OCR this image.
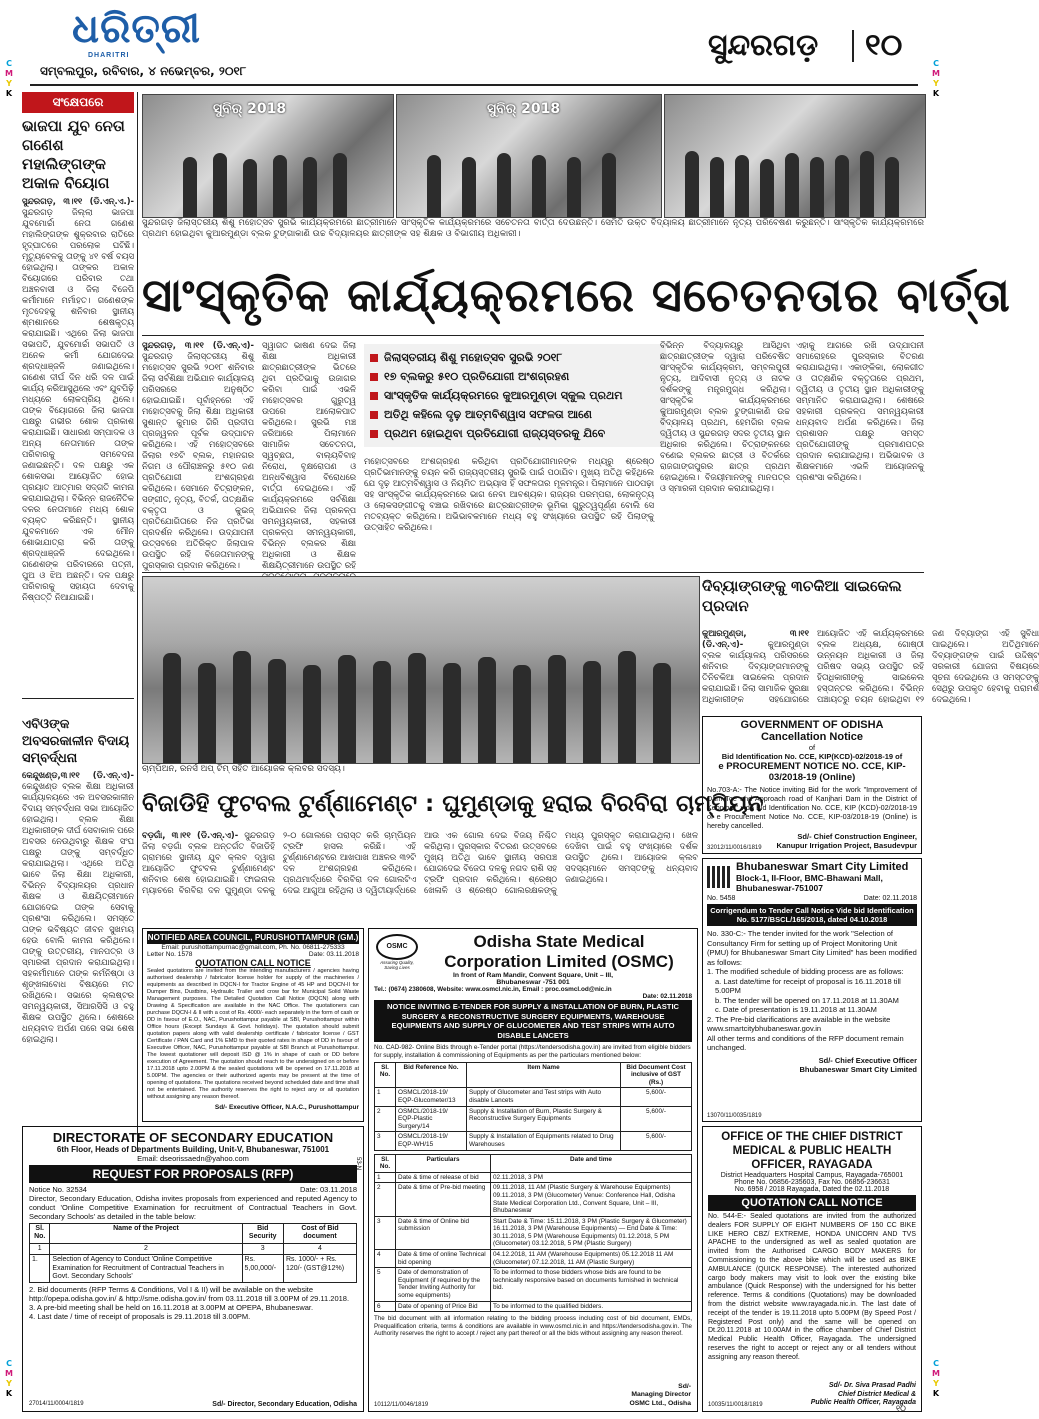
ଧରିତ୍ରୀ
DHARITRI
ସମ୍ବଲପୁର, ରବିବାର, ୪ ନଭେମ୍ବର, ୨୦୧୮
ସୁନ୍ଦରଗଡ଼ ୧୦
C
M
Y
K
C
M
Y
K
C
M
Y
K
C
M
Y
K
ସଂକ୍ଷେପରେ
ଭାଜପା ଯୁବ ନେତା ଗଣେଶ ମହାଲିଙ୍ଗଙ୍କ ଅକାଳ ବିୟୋଗ
ସୁନ୍ଦରଗଡ଼, ୩।୧୧ (ଡି.ଏନ୍.ଏ.)- ସୁନ୍ଦରଗଡ଼ ଜିଲ୍ଲା ଭାଜପା ଯୁବମୋର୍ଚ୍ଚା ନେତା ଗଣେଶ ମହାଲିଙ୍ଗଙ୍କ ଶୁକ୍ରବାର ରାତିରେ ହୃଦ୍‌ଘାତରେ ପରଲୋକ ଘଟିଛି। ମୃତ୍ୟୁବେଳକୁ ତାଙ୍କୁ ୪୧ ବର୍ଷ ବୟସ ହୋଇଥିଲା। ତାଙ୍କର ଅକାଳ ବିୟୋଗରେ ପରିବାର ତଥା ଅଞ୍ଚଳବାସୀ ଓ ଜିଲା ବିଜେପି କର୍ମୀମାନେ ମର୍ମାହତ। ଗଣେଶଙ୍କ ମୃତଦେହକୁ ଶନିବାର ସ୍ଥାନୀୟ ଶ୍ମଶାନରେ ଶେଷକୃତ୍ୟ କରାଯାଇଛି। ଏଥିରେ ଜିଲା ଭାଜପା ସଭାପତି, ଯୁବମୋର୍ଚ୍ଚା ସଭାପତି ଓ ଅନେକ କର୍ମୀ ଯୋଗଦେଇ ଶ୍ରଦ୍ଧାଞ୍ଜଳି ଜଣାଇଥିଲେ। ଗଣେଶ ଦୀର୍ଘ ଦିନ ଧରି ଦଳ ପାଇଁ କାର୍ଯ୍ୟ କରିଆସୁଥିଲେ ଏବଂ ଯୁବପିଢ଼ି ମଧ୍ୟରେ ଲୋକପ୍ରିୟ ଥିଲେ। ତାଙ୍କ ବିୟୋଗରେ ଜିଲା ଭାଜପା ପକ୍ଷରୁ ଗଭୀର ଶୋକ ପ୍ରକାଶ କରାଯାଇଛି। ସାଧାରଣ ସମ୍ପାଦକ ଓ ଅନ୍ୟ ନେତାମାନେ ତାଙ୍କ ପରିବାରକୁ ସମବେଦନା ଜଣାଇଛନ୍ତି। ଦଳ ପକ୍ଷରୁ ଏକ ଶୋକସଭା ଆୟୋଜିତ ହୋଇ ପ୍ରୟାତ ଆତ୍ମାର ସଦ୍‌ଗତି କାମନା କରାଯାଇଥିଲା। ବିଭିନ୍ନ ରାଜନୈତିକ ଦଳର ନେତାମାନେ ମଧ୍ୟ ଶୋକ ବ୍ୟକ୍ତ କରିଛନ୍ତି। ସ୍ଥାନୀୟ ଯୁବକମାନେ ଏକ ମୌନ ଶୋଭାଯାତ୍ରା କରି ତାଙ୍କୁ ଶ୍ରଦ୍ଧାଞ୍ଜଳି ଦେଇଥିଲେ। ଗଣେଶଙ୍କ ପରିବାରରେ ପତ୍ନୀ, ପୁଅ ଓ ଝିଅ ଅଛନ୍ତି। ଦଳ ପକ୍ଷରୁ ପରିବାରକୁ ସହାୟତା ଦେବାକୁ ନିଷ୍ପତ୍ତି ନିଆଯାଇଛି।
ଏବିଓଙ୍କ ଅବସରକାଳୀନ ବିଦାୟ ସମ୍ବର୍ଦ୍ଧନା
କେନ୍ଦୁଖଣ୍ଡ,୩।୧୧ (ଡି.ଏନ୍.ଏ)- କେନ୍ଦୁଖଣ୍ଡ ବ୍ଲକ ଶିକ୍ଷା ଅଧିକାରୀ କାର୍ଯ୍ୟାଳୟରେ ଏକ ଅବସରକାଳୀନ ବିଦାୟ ସମ୍ବର୍ଦ୍ଧନା ସଭା ଆୟୋଜିତ ହୋଇଥିଲା। ବ୍ଲକ ଶିକ୍ଷା ଅଧିକାରୀଙ୍କ ଦୀର୍ଘ ସେବାକାଳ ପରେ ଅବସର ନେଉଥିବାରୁ ଶିକ୍ଷକ ସଂଘ ପକ୍ଷରୁ ତାଙ୍କୁ ସମ୍ବର୍ଦ୍ଧିତ କରାଯାଇଥିଲା। ଏଥିରେ ଅତିଥି ଭାବେ ଜିଲା ଶିକ୍ଷା ଅଧିକାରୀ, ବିଭିନ୍ନ ବିଦ୍ୟାଳୟର ପ୍ରଧାନ ଶିକ୍ଷକ ଓ ଶିକ୍ଷୟିତ୍ରୀମାନେ ଯୋଗଦେଇ ତାଙ୍କ ସେବାକୁ ପ୍ରଶଂସା କରିଥିଲେ। ସମସ୍ତେ ତାଙ୍କ ଭବିଷ୍ୟତ ଜୀବନ ସୁଖମୟ ହେଉ ବୋଲି କାମନା କରିଥିଲେ। ତାଙ୍କୁ ଉତ୍ତରୀୟ, ମାନପତ୍ର ଓ ସ୍ମାରକୀ ପ୍ରଦାନ କରାଯାଇଥିଲା। ସହକର୍ମୀମାନେ ତାଙ୍କ କର୍ମନିଷ୍ଠା ଓ ଶୃଙ୍ଖଳାବୋଧ ବିଷୟରେ ମତ ରଖିଥିଲେ। ସଭାରେ କ୍ଲଷ୍ଟର ସମନ୍ୱୟକାରୀ, ସିଆରସିସି ଓ ବହୁ ଶିକ୍ଷକ ଉପସ୍ଥିତ ଥିଲେ। ଶେଷରେ ଧନ୍ୟବାଦ ଅର୍ପଣ ପରେ ସଭା ଶେଷ ହୋଇଥିଲା।
ସୁବିର୍ 2018	ସୁବିର୍ 2018
ସୁନ୍ଦରଗଡ଼ ଜିଲାସ୍ତରୀୟ ଶିଶୁ ମହୋତ୍ସବ ସୁରଭି କାର୍ଯ୍ୟକ୍ରମରେ ଛାତ୍ରୀମାନେ ସାଂସ୍କୃତିକ କାର୍ଯ୍ୟକ୍ରମରେ ସଚେତନତା ବାର୍ତ୍ତା ଦେଉଛନ୍ତି। ସେମିତି ଉକ୍ତ ବିଦ୍ୟାଳୟ ଛାତ୍ରୀମାନେ ନୃତ୍ୟ ପରିବେଷଣ କରୁଛନ୍ତି। ସାଂସ୍କୃତିକ କାର୍ଯ୍ୟକ୍ରମରେ ପ୍ରଥମ ହୋଇଥିବା କୁଆରମୁଣ୍ଡା ବ୍ଲକ ଟୁଙ୍ଗାକାଣି ଉଚ୍ଚ ବିଦ୍ୟାଳୟର ଛାତ୍ରୀଙ୍କ ସହ ଶିକ୍ଷକ ଓ ବିଭାଗୀୟ ଅଧିକାରୀ।
ସାଂସ୍କୃତିକ କାର୍ଯ୍ୟକ୍ରମରେ ସଚେତନତାର ବାର୍ତ୍ତା
ସୁନ୍ଦରଗଡ଼, ୩।୧୧ (ଡି.ଏନ୍.ଏ)- ସୁନ୍ଦରଗଡ଼ ଜିଲାସ୍ତରୀୟ ଶିଶୁ ମହୋତ୍ସବ ସୁରଭି ୨୦୧୮ ଶନିବାର ଜିଲା ସର୍ବଶିକ୍ଷା ଅଭିଯାନ କାର୍ଯ୍ୟାଳୟ ପରିସରରେ ଅନୁଷ୍ଠିତ ହୋଇଯାଇଛି। ପୂର୍ବାହ୍ନରେ ଏହି ମହୋତ୍ସବକୁ ଜିଲା ଶିକ୍ଷା ଅଧିକାରୀ ସୁଶାନ୍ତ କୁମାର ଗିରି ପ୍ରଦୀପ ପ୍ରଜ୍ୱଳନ ପୂର୍ବକ ଉଦ୍‌ଘାଟନ କରିଥିଲେ। ଏହି ମହୋତ୍ସବରେ ଜିଲାର ୧୭ଟି ବ୍ଲକ, ମହାନଗର ନିଗମ ଓ ପୌରାଞ୍ଚଳରୁ ୫୧୦ ଜଣ ପ୍ରତିଯୋଗୀ ଅଂଶଗ୍ରହଣ କରିଥିଲେ। ସେମାନେ ଚିତ୍ରାଙ୍କନ, ସଙ୍ଗୀତ, ନୃତ୍ୟ, ବିତର୍କ, ତାତ୍କ୍ଷଣିକ ବକ୍ତୃତା ଓ କୁଇଜ୍ ପ୍ରତିଯୋଗିତାରେ ନିଜ ପ୍ରତିଭା ପ୍ରଦର୍ଶନ କରିଥିଲେ। ଉଦ୍‌ଯାପନୀ ଉତ୍ସବରେ ଅତିରିକ୍ତ ଜିଲାପାଳ ଉପସ୍ଥିତ ରହି ବିଜେତାମାନଙ୍କୁ ପୁରସ୍କାର ପ୍ରଦାନ କରିଥିଲେ।
ସ୍ୱାଗତ ଭାଷଣ ଦେଇ ଜିଲା ଶିକ୍ଷା ଅଧିକାରୀ ଛାତ୍ରଛାତ୍ରୀଙ୍କ ଭିତରେ ଥିବା ପ୍ରତିଭାକୁ ଉଜାଗର କରିବା ପାଇଁ ଏଭଳି ମହୋତ୍ସବର ଗୁରୁତ୍ୱ ଉପରେ ଆଲୋକପାତ କରିଥିଲେ। ସୁରଭି ମଞ୍ଚ ଜରିଆରେ ପିଲାମାନେ ସାମାଜିକ ସଚେତନତା, ସ୍ୱଚ୍ଛତା, ବାଲ୍ୟବିବାହ ନିରୋଧ, ବୃକ୍ଷରୋପଣ ଓ ଅନ୍ଧବିଶ୍ୱାସ ବିରୋଧରେ ବାର୍ତ୍ତା ଦେଇଥିଲେ। ଏହି କାର୍ଯ୍ୟକ୍ରମରେ ସର୍ବଶିକ୍ଷା ଅଭିଯାନର ଜିଲା ପ୍ରକଳ୍ପ ସମନ୍ୱୟକାରୀ, ସହକାରୀ ପ୍ରକଳ୍ପ ସମନ୍ୱୟକାରୀ, ବିଭିନ୍ନ ବ୍ଲକର ଶିକ୍ଷା ଅଧିକାରୀ ଓ ଶିକ୍ଷକ ଶିକ୍ଷୟିତ୍ରୀମାନେ ଉପସ୍ଥିତ ରହି
ଜିଲାସ୍ତରୀୟ ଶିଶୁ ମହୋତ୍ସବ ସୁରଭି ୨୦୧୮
୧୭ ବ୍ଲକରୁ ୫୧୦ ପ୍ରତିଯୋଗୀ ଅଂଶଗ୍ରହଣ
ସାଂସ୍କୃତିକ କାର୍ଯ୍ୟକ୍ରମରେ କୁଆରମୁଣ୍ଡା ସ୍କୁଲ ପ୍ରଥମ
ଅତିଥି କହିଲେ ଦୃଢ଼ ଆତ୍ମବିଶ୍ୱାସ ସଫଳତା ଆଣେ
ପ୍ରଥମ ହୋଇଥିବା ପ୍ରତିଯୋଗୀ ରାଜ୍ୟସ୍ତରକୁ ଯିବେ
ମହୋତ୍ସବରେ ଅଂଶଗ୍ରହଣ କରିଥିବା ପ୍ରତିଯୋଗୀମାନଙ୍କ ମଧ୍ୟରୁ ଶ୍ରେଷ୍ଠ ପ୍ରତିଭାମାନଙ୍କୁ ଚୟନ କରି ରାଜ୍ୟସ୍ତରୀୟ ସୁରଭି ପାଇଁ ପଠାଯିବ। ମୁଖ୍ୟ ଅତିଥି କହିଥିଲେ ଯେ ଦୃଢ଼ ଆତ୍ମବିଶ୍ୱାସ ଓ ନିୟମିତ ଅଭ୍ୟାସ ହିଁ ସଫଳତାର ମୂଳମନ୍ତ୍ର। ପିଲାମାନେ ପାଠପଢ଼ା ସହ ସାଂସ୍କୃତିକ କାର୍ଯ୍ୟକ୍ରମରେ ଭାଗ ନେବା ଆବଶ୍ୟକ। ରାଜ୍ୟର ପରମ୍ପରା, ଲୋକନୃତ୍ୟ ଓ ଲୋକସଙ୍ଗୀତକୁ ବଞ୍ଚାଇ ରଖିବାରେ ଛାତ୍ରଛାତ୍ରୀଙ୍କ ଭୂମିକା ଗୁରୁତ୍ୱପୂର୍ଣ୍ଣ ବୋଲି ସେ ମତବ୍ୟକ୍ତ କରିଥିଲେ। ଅଭିଭାବକମାନେ ମଧ୍ୟ ବହୁ ସଂଖ୍ୟାରେ ଉପସ୍ଥିତ ରହି ପିଲାଙ୍କୁ ଉତ୍ସାହିତ କରିଥିଲେ।
ବିଭିନ୍ନ ବିଦ୍ୟାଳୟରୁ ଆସିଥିବା ଛାତ୍ରଛାତ୍ରୀଙ୍କ ଦ୍ୱାରା ପରିବେଷିତ ସାଂସ୍କୃତିକ କାର୍ଯ୍ୟକ୍ରମ, ସମ୍ବଲପୁରୀ ନୃତ୍ୟ, ଆଦିବାସୀ ନୃତ୍ୟ ଓ ନାଟକ ଦର୍ଶକଙ୍କୁ ମନ୍ତ୍ରମୁଗ୍ଧ କରିଥିଲା। ସାଂସ୍କୃତିକ କାର୍ଯ୍ୟକ୍ରମରେ କୁଆରମୁଣ୍ଡା ବ୍ଲକ ଟୁଙ୍ଗାକାଣି ଉଚ୍ଚ ବିଦ୍ୟାଳୟ ପ୍ରଥମ, ହେମଗିର ବ୍ଲକ ଦ୍ୱିତୀୟ ଓ ସୁନ୍ଦରଗଡ଼ ସଦର ତୃତୀୟ ସ୍ଥାନ ଅଧିକାର କରିଥିଲେ। ଚିତ୍ରାଙ୍କନରେ ବଣେଇ ବ୍ଲକର ଛାତ୍ରୀ ଓ ବିତର୍କରେ ରାଜଗାଙ୍ଗପୁରର ଛାତ୍ର ପ୍ରଥମ ହୋଇଥିଲେ। ବିଜୟୀମାନଙ୍କୁ ମାନପତ୍ର ଓ ସ୍ମାରକୀ ପ୍ରଦାନ କରାଯାଇଥିଲା।
ଏହାକୁ ଆଗରେ ରଖି ଉଦ୍‌ଯାପନୀ ସମାରୋହରେ ପୁରସ୍କାର ବିତରଣ କରାଯାଇଥିଲା। ଏକାଙ୍କିକା, ଲୋକଗୀତ ଓ ତାତ୍କ୍ଷଣିକ ବକ୍ତୃତାରେ ପ୍ରଥମ, ଦ୍ୱିତୀୟ ଓ ତୃତୀୟ ସ୍ଥାନ ଅଧିକାରୀଙ୍କୁ ସମ୍ମାନିତ କରାଯାଇଥିଲା। ଶେଷରେ ସହକାରୀ ପ୍ରକଳ୍ପ ସମନ୍ୱୟକାରୀ ଧନ୍ୟବାଦ ଅର୍ପଣ କରିଥିଲେ। ଜିଲା ପ୍ରଶାସନ ପକ୍ଷରୁ ସମସ୍ତ ପ୍ରତିଯୋଗୀଙ୍କୁ ପ୍ରମାଣପତ୍ର ପ୍ରଦାନ କରାଯାଇଥିଲା। ଅଭିଭାବକ ଓ ଶିକ୍ଷକମାନେ ଏଭଳି ଆୟୋଜନକୁ ପ୍ରଶଂସା କରିଥିଲେ।
ଚାମ୍ପିଅନ, ରନର୍ସ ଅପ୍ ଟିମ୍ ସହିତ ଆୟୋଜକ କ୍ଲବର ସଦସ୍ୟ।
ବିଜାଡିହି ଫୁଟବଲ ଟୁର୍ଣ୍ଣାମେଣ୍ଟ : ଘୁମୁଣ୍ଡାକୁ ହରାଇ ବିରବିରା ଚାମ୍ପିୟନ
ବଡ଼ଗାଁ, ୩।୧୧ (ଡି.ଏନ୍.ଏ)- ସୁନ୍ଦରଗଡ଼ ଜିଲା ବଡ଼ଗାଁ ବ୍ଲକ ଅନ୍ତର୍ଗତ ବିଜାଡିହି ଗ୍ରାମରେ ସ୍ଥାନୀୟ ଯୁବ କ୍ଲବ ଦ୍ୱାରା ଆୟୋଜିତ ଫୁଟବଲ ଟୁର୍ଣ୍ଣାମେଣ୍ଟ ଶନିବାର ଶେଷ ହୋଇଯାଇଛି। ଫାଇନାଲ ମ୍ୟାଚରେ ବିରବିରା ଦଳ ଘୁମୁଣ୍ଡା ଦଳକୁ ୨-୦ ଗୋଲରେ ପରାସ୍ତ କରି ଚାମ୍ପିୟନ ଟ୍ରଫି ହାସଲ କରିଛି। ଏହି ଟୁର୍ଣ୍ଣାମେଣ୍ଟରେ ଆଖପାଖ ଅଞ୍ଚଳର ୩୨ଟି ଦଳ ଅଂଶଗ୍ରହଣ କରିଥିଲେ। ପ୍ରଥମାର୍ଦ୍ଧରେ ବିରବିରା ଦଳ ଗୋଲଟିଏ ଦେଇ ଆଗୁଆ ରହିଥିଲା ଓ ଦ୍ୱିତୀୟାର୍ଦ୍ଧରେ ଆଉ ଏକ ଗୋଲ ଦେଇ ବିଜୟ ନିଶ୍ଚିତ କରିଥିଲା। ପୁରସ୍କାର ବିତରଣ ଉତ୍ସବରେ ମୁଖ୍ୟ ଅତିଥି ଭାବେ ସ୍ଥାନୀୟ ସରପଞ୍ଚ ଯୋଗଦେଇ ବିଜେତା ଦଳକୁ ନଗଦ ରାଶି ସହ ଟ୍ରଫି ପ୍ରଦାନ କରିଥିଲେ। ଶ୍ରେଷ୍ଠ ଖେଳାଳି ଓ ଶ୍ରେଷ୍ଠ ଗୋଲରକ୍ଷକଙ୍କୁ ମଧ୍ୟ ପୁରସ୍କୃତ କରାଯାଇଥିଲା। ଖେଳ ଦେଖିବା ପାଇଁ ବହୁ ସଂଖ୍ୟାରେ ଦର୍ଶକ ଉପସ୍ଥିତ ଥିଲେ। ଆୟୋଜକ କ୍ଲବ ସଦସ୍ୟମାନେ ସମସ୍ତଙ୍କୁ ଧନ୍ୟବାଦ ଜଣାଇଥିଲେ।
ଦିବ୍ୟାଙ୍ଗଙ୍କୁ ୩ଚକିଆ ସାଇକେଲ ପ୍ରଦାନ
କୁଆରମୁଣ୍ଡା, ୩।୧୧ (ଡି.ଏନ୍.ଏ)-	କୁଆରମୁଣ୍ଡା ବ୍ଲକ କାର୍ଯ୍ୟାଳୟ ପରିସରରେ ଶନିବାର ଦିବ୍ୟାଙ୍ଗମାନଙ୍କୁ ତିନିଚକିଆ ସାଇକେଲ ପ୍ରଦାନ କରାଯାଇଛି। ଜିଲା ସାମାଜିକ ସୁରକ୍ଷା ଅଧିକାରୀଙ୍କ ସହଯୋଗରେ ଆୟୋଜିତ ଏହି କାର୍ଯ୍ୟକ୍ରମରେ ବ୍ଲକ ଅଧ୍ୟକ୍ଷ, ଗୋଷ୍ଠୀ ଉନ୍ନୟନ ଅଧିକାରୀ ଓ ଜିଲା ପରିଷଦ ସଭ୍ୟ ଉପସ୍ଥିତ ରହି ହିତାଧିକାରୀଙ୍କୁ ସାଇକେଲ ହସ୍ତାନ୍ତର କରିଥିଲେ। ବିଭିନ୍ନ ପଞ୍ଚାୟତରୁ ଚୟନ ହୋଇଥିବା ୧୨ ଜଣ ଦିବ୍ୟାଙ୍ଗ ଏହି ସୁବିଧା ପାଇଥିଲେ। ଅତିଥିମାନେ ଦିବ୍ୟାଙ୍ଗଙ୍କ ପାଇଁ ଉଦ୍ଦିଷ୍ଟ ସରକାରୀ ଯୋଜନା ବିଷୟରେ ସୂଚନା ଦେଇଥିଲେ ଓ ସମସ୍ତଙ୍କୁ ସେଥିରୁ ଉପକୃତ ହେବାକୁ ପରାମର୍ଶ ଦେଇଥିଲେ।
GOVERNMENT OF ODISHA
Cancellation Notice
of
Bid Identification No. CCE, KIP(KCD)-02/2018-19 of
e PROCUREMENT NOTICE NO. CCE, KIP-03/2018-19 (Online)
No.703-A:- The Notice inviting Bid for the work "Improvement of Dam Toe and Approach road of Kanjhari Dam in the District of Keonjhar" vide Bid Identification No. CCE, KIP (KCD)-02/2018-19 of e Procurement Notice No. CCE, KIP-03/2018-19 (Online) is hereby cancelled.
Sd/- Chief Construction Engineer,
Kanupur Irrigation Project, Basudevpur
32012/11/0016/1819
Bhubaneswar Smart City Limited
Block-1, II-Floor, BMC-Bhawani Mall,
Bhubaneswar-751007
No. 5458	Date: 02.11.2018
Corrigendum to Tender Call Notice Vide bid Identification No. 5177/BSCL/165/2018, dated 04.10.2018
No. 330-C:- The tender invited for the work "Selection of Consultancy Firm for setting up of Project Monitoring Unit (PMU) for Bhubaneswar Smart City Limited" has been modified as follows:
1. The modified schedule of bidding process are as follows:
a. Last date/time for receipt of proposal is 16.11.2018 till 5.00PM
b. The tender will be opened on 17.11.2018 at 11.30AM
c. Date of presentation is 19.11.2018 at 11.30AM
2. The Pre-bid clarifications are available in the website www.smartcitybhubaneswar.gov.in
All other terms and conditions of the RFP document remain unchanged.
Sd/- Chief Executive Officer
Bhubaneswar Smart City Limited
13070/11/0035/1819
NOTIFIED AREA COUNCIL, PURUSHOTTAMPUR (GM.)
Email: purushottampurnac@gmail.com, Ph. No. 06811-275333
Letter No. 1578	Date: 03.11.2018
QUOTATION CALL NOTICE
Sealed quotations are invited from the intending manufacturers / agencies having authorised dealership / fabricator license holder for supply of the machineries / equipments as described in DQCN-I for Tractor Engine of 45 HP and DQCN-II for Dumper Bins, Dustbins, Hydraulic Trailer and crow bar for Municipal Solid Waste Management purposes. The Detailed Quotation Call Notice (DQCN) along with Drawing & Specification are available in the NAC Office. The quotationers can purchase DQCN-I & II with a cost of Rs. 4000/- each separately in the form of cash or DD in favour of E.O., NAC, Purushottampur payable at SBI, Purushottampur within Office hours (Except Sundays & Govt. holidays). The quotation should submit quotation papers along with valid dealership certificate / fabricator license / GST Certificate / PAN Card and 1% EMD to their quoted rates in shape of DD in favour of Executive Officer, NAC, Purushottampur payable at SBI Branch at Purushottampur. The lowest quotationer will deposit ISD @ 1% in shape of cash or DD before execution of Agreement. The quotation should reach to the undersigned on or before 17.11.2018 upto 2.00PM & the sealed quotations will be opened on 17.11.2018 at 5.00PM. The agencies or their authorized agents may be present at the time of opening of quotations. The quotations received beyond scheduled date and time shall not be entertained. The authority reserves the right to reject any or all quotation without assigning any reason thereof.
Sd/- Executive Officer, N.A.C., Purushottampur
DIRECTORATE OF SECONDARY EDUCATION
6th Floor, Heads of Departments Building, Unit-V, Bhubaneswar, 751001
Email: dseorissaedn@yahoo.com
REQUEST FOR PROPOSALS (RFP)
Notice No. 32534	Date: 03.11.2018
Director, Secondary Education, Odisha invites proposals from experienced and reputed Agency to conduct 'Online Competitive Examination for recruitment of Contractual Teachers in Govt. Secondary Schools' as detailed in the table below:
Sl. No.	Name of the Project	Bid Security	Cost of Bid document
1	2	3	4
1.	Selection of Agency to Conduct 'Online Competitive Examination for Recruitment of Contractual Teachers in Govt. Secondary Schools'	Rs. 5,00,000/-	Rs. 1000/- + Rs. 120/- (GST@12%)
2. Bid documents (RFP Terms & Conditions, Vol I & II) will be available on the website http://opepa.odisha.gov.in/ & http://sme.odisha.gov.in/ from 03.11.2018 till 3.00PM of 29.11.2018.
3. A pre-bid meeting shall be held on 16.11.2018 at 3.00PM at OPEPA, Bhubaneswar.
4. Last date / time of receipt of proposals is 29.11.2018 till 3.00PM.
27014/11/0004/1819	Sd/- Director, Secondary Education, Odisha
53-N
OSMC
Assuring Quality, Saving Lives
Odisha State Medical
Corporation Limited (OSMC)
In front of Ram Mandir, Convent Square, Unit – III,
Bhubaneswar -751 001
Tel.: (0674) 2380608, Website: www.osmcl.nic.in, Email : proc.osmcl.od@nic.in
Date: 02.11.2018
NOTICE INVITING E-TENDER FOR SUPPLY & INSTALLATION OF BURN, PLASTIC SURGERY & RECONSTRUCTIVE SURGERY EQUIPMENTS, WAREHOUSE EQUIPMENTS AND SUPPLY OF GLUCOMETER AND TEST STRIPS WITH AUTO DISABLE LANCETS
No. CAD-982- Online Bids through e-Tender portal (https://tendersodisha.gov.in) are invited from eligible bidders for supply, installation & commissioning of Equipments as per the particulars mentioned below:
Sl. No.	Bid Reference No.	Item Name	Bid Document Cost inclusive of GST (Rs.)
1	OSMCL/2018-19/ EQP-Glucometer/13	Supply of Glucometer and Test strips with Auto disable Lancets	5,600/-
2	OSMCL/2018-19/ EQP-Plastic Surgery/14	Supply & Installation of Burn, Plastic Surgery & Reconstructive Surgery Equipments	5,600/-
3	OSMCL/2018-19/ EQP-WH/15	Supply & Installation of Equipments related to Drug Warehouses	5,600/-
Sl. No.	Particulars	Date and time
1	Date & time of release of bid	02.11.2018, 3 PM
2	Date & time of Pre-bid meeting	09.11.2018, 11 AM (Plastic Surgery & Warehouse Equipments) 09.11.2018, 3 PM (Glucometer) Venue: Conference Hall, Odisha State Medical Corporation Ltd., Convent Square, Unit – III, Bhubaneswar
3	Date & time of Online bid submission	Start Date & Time: 15.11.2018, 3 PM (Plastic Surgery & Glucometer) 16.11.2018, 3 PM (Warehouse Equipments) — End Date & Time: 30.11.2018, 5 PM (Warehouse Equipments) 01.12.2018, 5 PM (Glucometer) 03.12.2018, 5 PM (Plastic Surgery)
4	Date & time of online Technical bid opening	04.12.2018, 11 AM (Warehouse Equipments) 05.12.2018 11 AM (Glucometer) 07.12.2018, 11 AM (Plastic Surgery)
5	Date of demonstration of Equipment (if required by the Tender Inviting Authority for some equipments)	To be informed to those bidders whose bids are found to be technically responsive based on documents furnished in technical bid.
6	Date of opening of Price Bid	To be informed to the qualified bidders.
The bid document with all information relating to the bidding process including cost of bid document, EMDs, Prequalification criteria, terms & conditions are available in www.osmcl.nic.in and https://tendersodisha.gov.in. The Authority reserves the right to accept / reject any part thereof or all the bids without assigning any reason thereof.
Sd/-
Managing Director
OSMC Ltd., Odisha
10112/11/0046/1819
OFFICE OF THE CHIEF DISTRICT MEDICAL & PUBLIC HEALTH OFFICER, RAYAGADA
District Headquarters Hospital Campus, Rayagada-765001
Phone No. 06856-235603, Fax No. 06856-236631
No. 6958 / 2018 Rayagada, Dated the 02.11.2018
QUOTATION CALL NOTICE
No. 544-E:- Sealed quotations are invited from the authorized dealers FOR SUPPLY OF EIGHT NUMBERS OF 150 CC BIKE LIKE HERO CBZ/ EXTREME, HONDA UNICORN AND TVS APACHE to the undersigned as well as sealed quotation are invited from the Authorised CARGO BODY MAKERS for Commissioning to the above bike which will be used as BIKE AMBULANCE (QUICK RESPONSE). The interested authorized cargo body makers may visit to look over the existing bike ambulance (Quick Response) with the undersigned for his better reference. Terms & conditions (Quotations) may be downloaded from the district website www.rayagada.nic.in. The last date of receipt of the tender is 19.11.2018 upto 5.00PM (By Speed Post / Registered Post only) and the same will be opened on Dt.20.11.2018 at 10.00AM in the office chamber of Chief District Medical Public Health Officer, Rayagada. The undersigned reserves the right to accept or reject any or all tenders without assigning any reason thereof.
Sd/- Dr. Siva Prasad Padhi
Chief District Medical &
Public Health Officer, Rayagada
10035/11/0018/1819	୧୦
